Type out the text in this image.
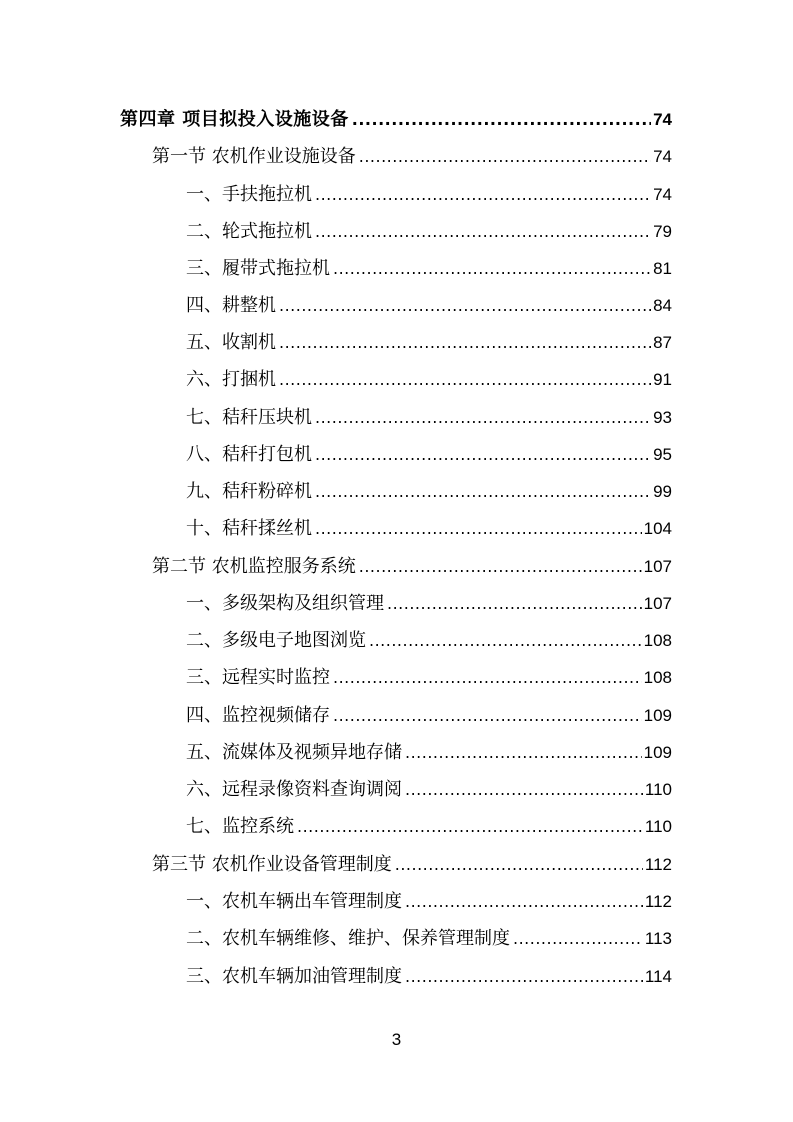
第四章 项目拟投入设施设备 .....	74
第一节 农机作业设施设备 .....	74
一、手扶拖拉机 .....	74
二、轮式拖拉机 .....	79
三、履带式拖拉机 .....	81
四、耕整机 .....	84
五、收割机 .....	87
六、打捆机 .....	91
七、秸秆压块机 .....	93
八、秸秆打包机 .....	95
九、秸秆粉碎机 .....	99
十、秸秆揉丝机 .....	104
第二节 农机监控服务系统 .....	107
一、多级架构及组织管理 .....	107
二、多级电子地图浏览 .....	108
三、远程实时监控 .....	108
四、监控视频储存 .....	109
五、流媒体及视频异地存储 .....	109
六、远程录像资料查询调阅 .....	110
七、监控系统 .....	110
第三节 农机作业设备管理制度 .....	112
一、农机车辆出车管理制度 .....	112
二、农机车辆维修、维护、保养管理制度 .....	113
三、农机车辆加油管理制度 .....	114
3
